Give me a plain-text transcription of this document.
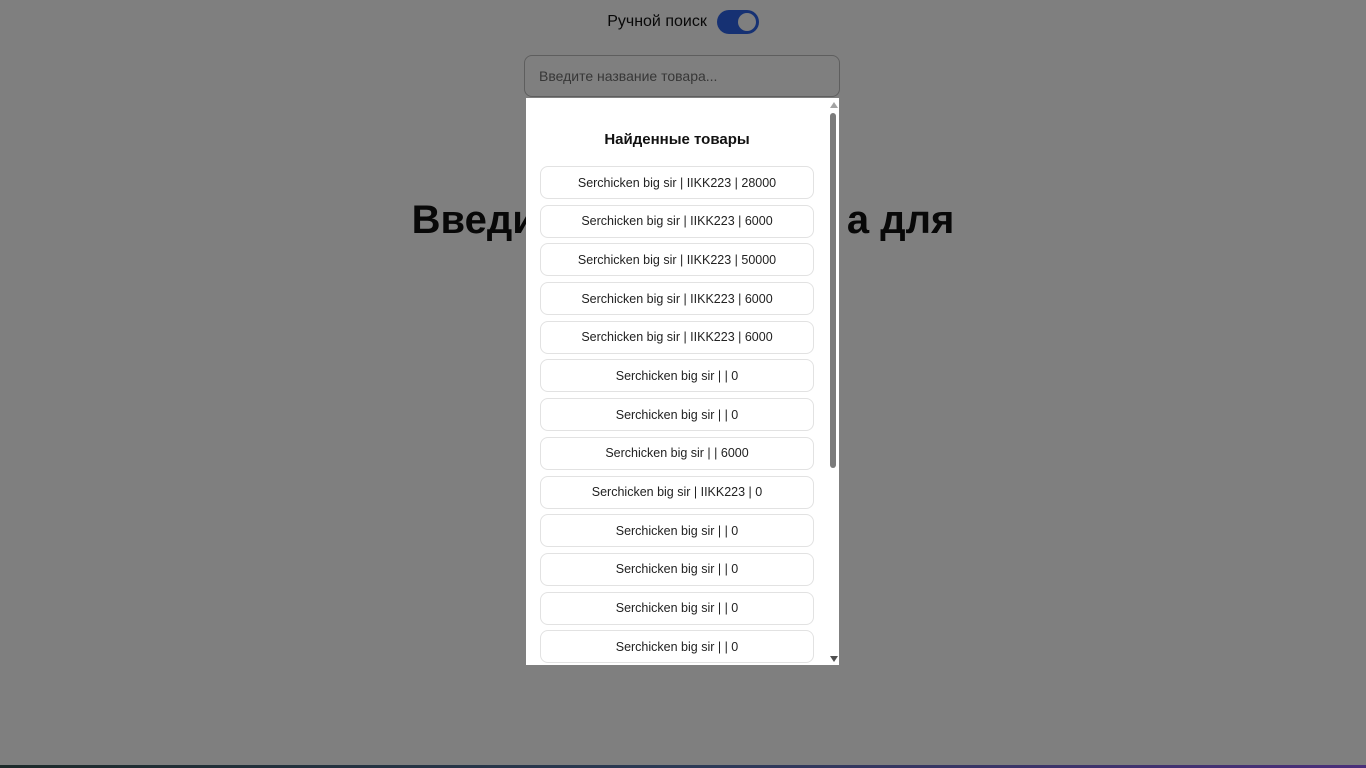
Введите название товара...
Найденные товары
Serchicken big sir | IIKK223 | 28000
Serchicken big sir | IIKK223 | 6000
Serchicken big sir | IIKK223 | 50000
Serchicken big sir | IIKK223 | 6000
Serchicken big sir | IIKK223 | 6000
Serchicken big sir | | 0
Serchicken big sir | | 0
Serchicken big sir | | 6000
Serchicken big sir | IIKK223 | 0
Serchicken big sir | | 0
Serchicken big sir | | 0
Serchicken big sir | | 0
Serchicken big sir | | 0
